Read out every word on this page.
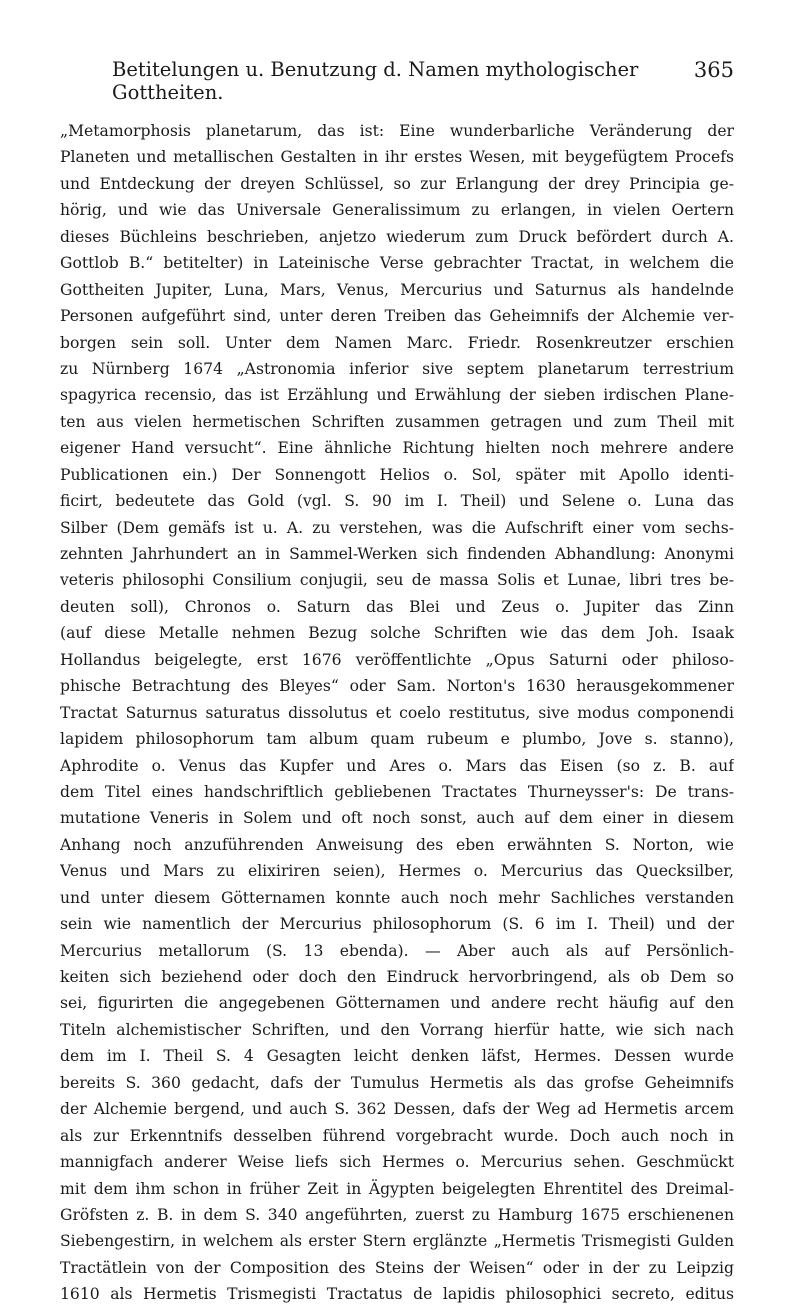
Betitelungen u. Benutzung d. Namen mythologischer Gottheiten.
365
„Metamorphosis planetarum, das ist: Eine wunderbarliche Veränderung der
Planeten und metallischen Gestalten in ihr erstes Wesen, mit beygefügtem Procefs
und Entdeckung der dreyen Schlüssel, so zur Erlangung der drey Principia ge-
hörig, und wie das Universale Generalissimum zu erlangen, in vielen Oertern
dieses Büchleins beschrieben, anjetzo wiederum zum Druck befördert durch A.
Gottlob B.“ betitelter) in Lateinische Verse gebrachter Tractat, in welchem die
Gottheiten Jupiter, Luna, Mars, Venus, Mercurius und Saturnus als handelnde
Personen aufgeführt sind, unter deren Treiben das Geheimnifs der Alchemie ver-
borgen sein soll. Unter dem Namen Marc. Friedr. Rosenkreutzer erschien
zu Nürnberg 1674 „Astronomia inferior sive septem planetarum terrestrium
spagyrica recensio, das ist Erzählung und Erwählung der sieben irdischen Plane-
ten aus vielen hermetischen Schriften zusammen getragen und zum Theil mit
eigener Hand versucht“. Eine ähnliche Richtung hielten noch mehrere andere
Publicationen ein.) Der Sonnengott Helios o. Sol, später mit Apollo identi-
ficirt, bedeutete das Gold (vgl. S. 90 im I. Theil) und Selene o. Luna das
Silber (Dem gemäfs ist u. A. zu verstehen, was die Aufschrift einer vom sechs-
zehnten Jahrhundert an in Sammel-Werken sich findenden Abhandlung: Anonymi
veteris philosophi Consilium conjugii, seu de massa Solis et Lunae, libri tres be-
deuten soll), Chronos o. Saturn das Blei und Zeus o. Jupiter das Zinn
(auf diese Metalle nehmen Bezug solche Schriften wie das dem Joh. Isaak
Hollandus beigelegte, erst 1676 veröffentlichte „Opus Saturni oder philoso-
phische Betrachtung des Bleyes“ oder Sam. Norton's 1630 herausgekommener
Tractat Saturnus saturatus dissolutus et coelo restitutus, sive modus componendi
lapidem philosophorum tam album quam rubeum e plumbo, Jove s. stanno),
Aphrodite o. Venus das Kupfer und Ares o. Mars das Eisen (so z. B. auf
dem Titel eines handschriftlich gebliebenen Tractates Thurneysser's: De trans-
mutatione Veneris in Solem und oft noch sonst, auch auf dem einer in diesem
Anhang noch anzuführenden Anweisung des eben erwähnten S. Norton, wie
Venus und Mars zu elixiriren seien), Hermes o. Mercurius das Quecksilber,
und unter diesem Götternamen konnte auch noch mehr Sachliches verstanden
sein wie namentlich der Mercurius philosophorum (S. 6 im I. Theil) und der
Mercurius metallorum (S. 13 ebenda). — Aber auch als auf Persönlich-
keiten sich beziehend oder doch den Eindruck hervorbringend, als ob Dem so
sei, figurirten die angegebenen Götternamen und andere recht häufig auf den
Titeln alchemistischer Schriften, und den Vorrang hierfür hatte, wie sich nach
dem im I. Theil S. 4 Gesagten leicht denken läfst, Hermes. Dessen wurde
bereits S. 360 gedacht, dafs der Tumulus Hermetis als das grofse Geheimnifs
der Alchemie bergend, und auch S. 362 Dessen, dafs der Weg ad Hermetis arcem
als zur Erkenntnifs desselben führend vorgebracht wurde. Doch auch noch in
mannigfach anderer Weise liefs sich Hermes o. Mercurius sehen. Geschmückt
mit dem ihm schon in früher Zeit in Ägypten beigelegten Ehrentitel des Dreimal-
Gröfsten z. B. in dem S. 340 angeführten, zuerst zu Hamburg 1675 erschienenen
Siebengestirn, in welchem als erster Stern erglänzte „Hermetis Trismegisti Gulden
Tractätlein von der Composition des Steins der Weisen“ oder in der zu Leipzig
1610 als Hermetis Trismegisti Tractatus de lapidis philosophici secreto, editus
